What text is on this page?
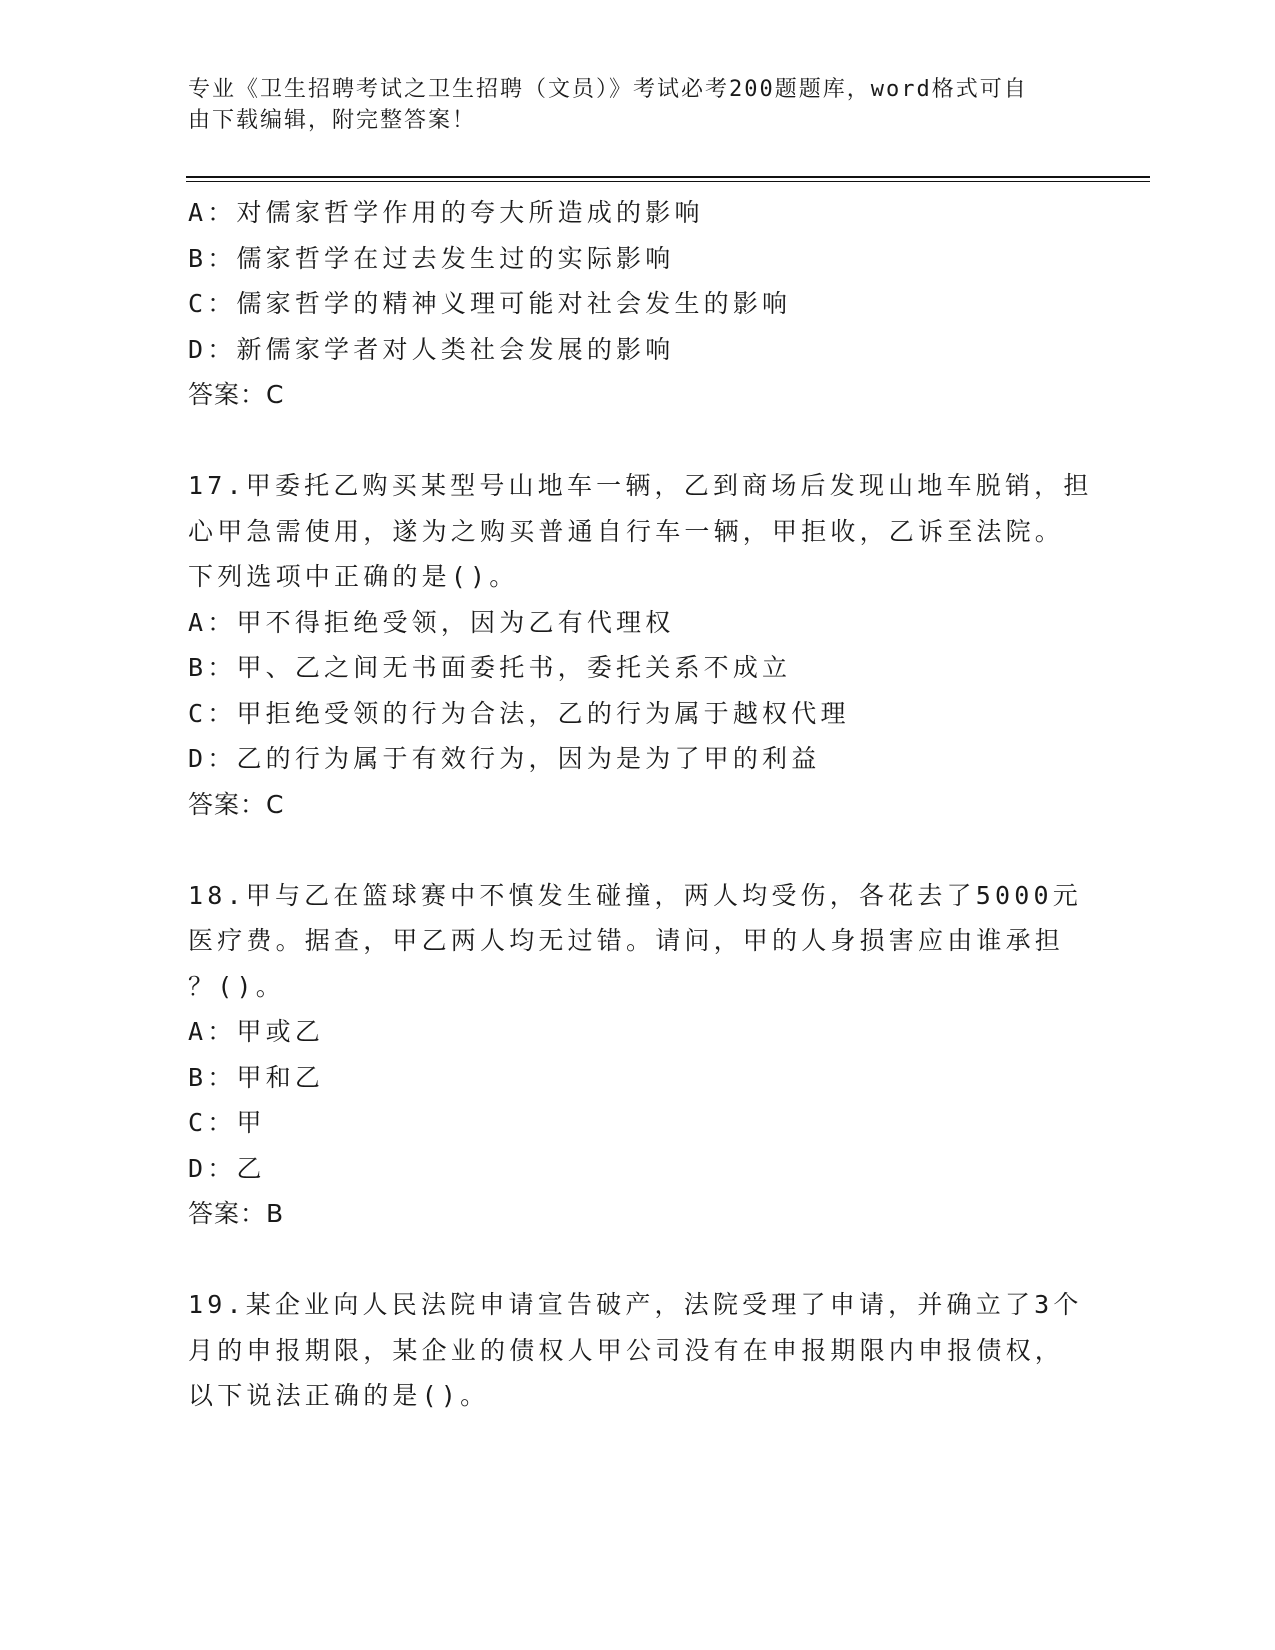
专业《卫生招聘考试之卫生招聘（文员）》考试必考200题题库，word格式可自
由下载编辑，附完整答案！
A：对儒家哲学作用的夸大所造成的影响
B：儒家哲学在过去发生过的实际影响
C：儒家哲学的精神义理可能对社会发生的影响
D：新儒家学者对人类社会发展的影响
答案：C
17.甲委托乙购买某型号山地车一辆，乙到商场后发现山地车脱销，担
心甲急需使用，遂为之购买普通自行车一辆，甲拒收，乙诉至法院。
下列选项中正确的是()。
A：甲不得拒绝受领，因为乙有代理权
B：甲、乙之间无书面委托书，委托关系不成立
C：甲拒绝受领的行为合法，乙的行为属于越权代理
D：乙的行为属于有效行为，因为是为了甲的利益
答案：C
18.甲与乙在篮球赛中不慎发生碰撞，两人均受伤，各花去了5000元
医疗费。据查，甲乙两人均无过错。请问，甲的人身损害应由谁承担
？()。
A：甲或乙
B：甲和乙
C：甲
D：乙
答案：B
19.某企业向人民法院申请宣告破产，法院受理了申请，并确立了3个
月的申报期限，某企业的债权人甲公司没有在申报期限内申报债权，
以下说法正确的是()。
